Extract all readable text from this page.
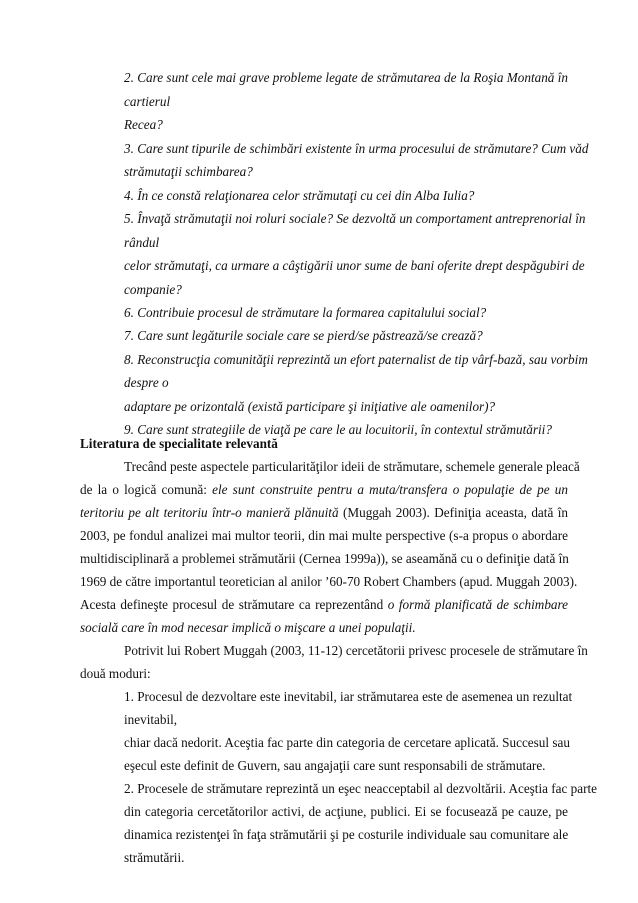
2. Care sunt cele mai grave probleme legate de strămutarea de la Roşia Montană în
cartierul
Recea?
3. Care sunt tipurile de schimbări existente în urma procesului de strămutare? Cum văd
strămutaţii schimbarea?
4. În ce constă relaţionarea celor strămutaţi cu cei din Alba Iulia?
5. Învaţă strămutaţii noi roluri sociale? Se dezvoltă un comportament antreprenorial în
rândul
celor strămutaţi, ca urmare a câştigării unor sume de bani oferite drept despăgubiri de
companie?
6. Contribuie procesul de strămutare la formarea capitalului social?
7. Care sunt legăturile sociale care se pierd/se păstrează/se crează?
8. Reconstrucţia comunităţii reprezintă un efort paternalist de tip vârf-bază, sau vorbim
despre o
adaptare pe orizontală (există participare şi iniţiative ale oamenilor)?
9. Care sunt strategiile de viaţă pe care le au locuitorii, în contextul strămutării?
Literatura de specialitate relevantă
Trecând peste aspectele particularităţilor ideii de strămutare, schemele generale pleacă
de la o logică comună: ele sunt construite pentru a muta/transfera o populaţie de pe un
teritoriu pe alt teritoriu într-o manieră plănuită (Muggah 2003). Definiţia aceasta, dată în
2003, pe fondul analizei mai multor teorii, din mai multe perspective (s-a propus o abordare
multidisciplinară a problemei strămutării (Cernea 1999a)), se aseamănă cu o definiţie dată în
1969 de către importantul teoretician al anilor ’60-70 Robert Chambers (apud. Muggah 2003).
Acesta defineşte procesul de strămutare ca reprezentând o formă planificată de schimbare
socială care în mod necesar implică o mişcare a unei populaţii.
Potrivit lui Robert Muggah (2003, 11-12) cercetătorii privesc procesele de strămutare în
două moduri:
1. Procesul de dezvoltare este inevitabil, iar strămutarea este de asemenea un rezultat
inevitabil,
chiar dacă nedorit. Aceştia fac parte din categoria de cercetare aplicată. Succesul sau
eşecul este definit de Guvern, sau angajaţii care sunt responsabili de strămutare.
2. Procesele de strămutare reprezintă un eşec neacceptabil al dezvoltării. Aceştia fac parte
din categoria cercetătorilor activi, de acţiune, publici. Ei se focusează pe cauze, pe
dinamica rezistenţei în faţa strămutării şi pe costurile individuale sau comunitare ale
strămutării.
